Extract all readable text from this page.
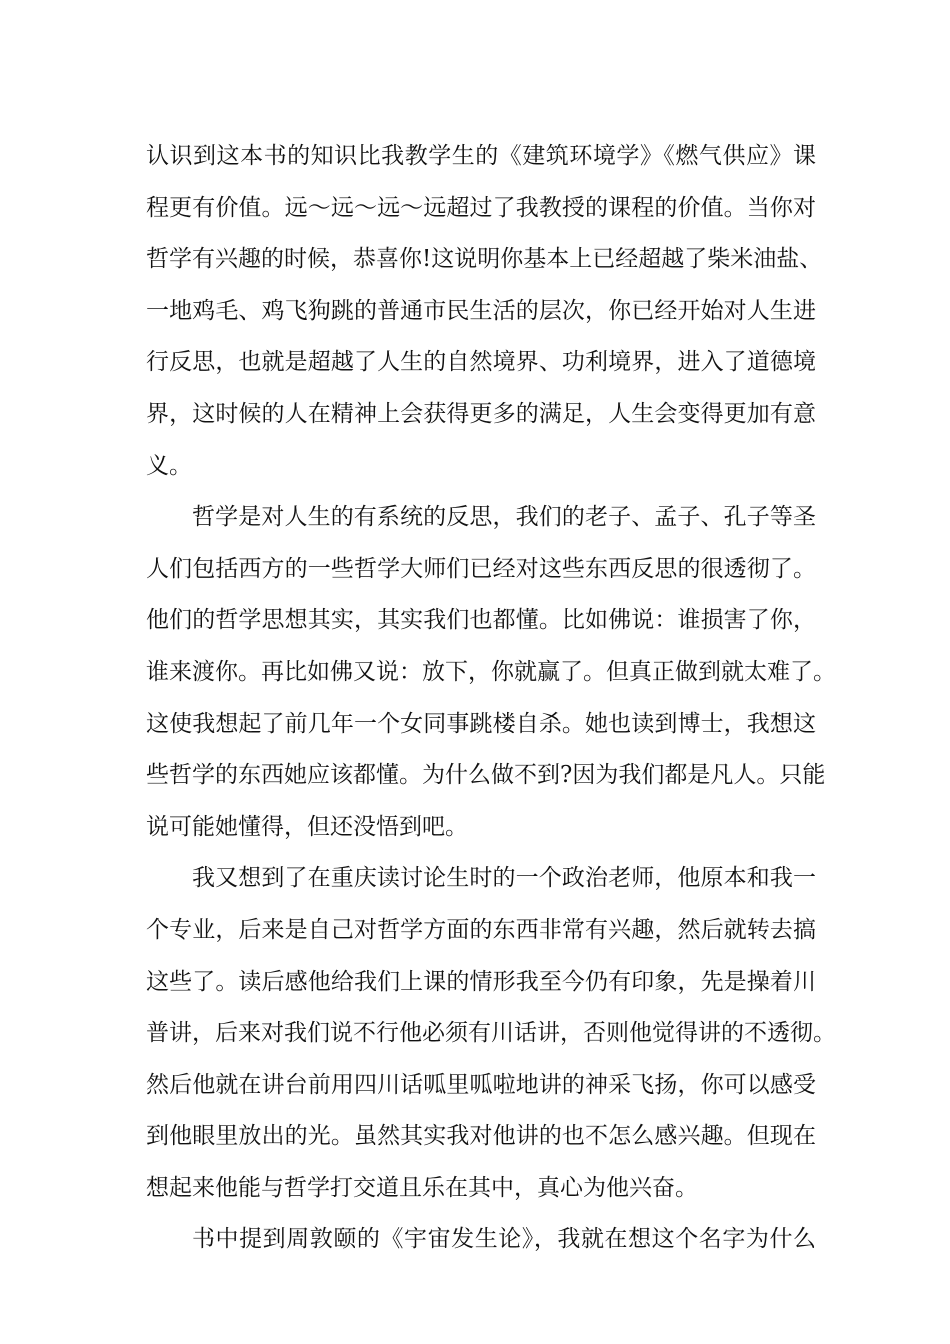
认识到这本书的知识比我教学生的《建筑环境学》《燃气供应》课

程更有价值。远～远～远～远超过了我教授的课程的价值。当你对

哲学有兴趣的时候，恭喜你!这说明你基本上已经超越了柴米油盐、

一地鸡毛、鸡飞狗跳的普通市民生活的层次，你已经开始对人生进

行反思，也就是超越了人生的自然境界、功利境界，进入了道德境

界，这时候的人在精神上会获得更多的满足，人生会变得更加有意

义。

哲学是对人生的有系统的反思，我们的老子、孟子、孔子等圣

人们包括西方的一些哲学大师们已经对这些东西反思的很透彻了。

他们的哲学思想其实，其实我们也都懂。比如佛说：谁损害了你，

谁来渡你。再比如佛又说：放下，你就赢了。但真正做到就太难了。

这使我想起了前几年一个女同事跳楼自杀。她也读到博士，我想这

些哲学的东西她应该都懂。为什么做不到?因为我们都是凡人。只能

说可能她懂得，但还没悟到吧。

我又想到了在重庆读讨论生时的一个政治老师，他原本和我一

个专业，后来是自己对哲学方面的东西非常有兴趣，然后就转去搞

这些了。读后感他给我们上课的情形我至今仍有印象，先是操着川

普讲，后来对我们说不行他必须有川话讲，否则他觉得讲的不透彻。

然后他就在讲台前用四川话呱里呱啦地讲的神采飞扬，你可以感受

到他眼里放出的光。虽然其实我对他讲的也不怎么感兴趣。但现在

想起来他能与哲学打交道且乐在其中，真心为他兴奋。

书中提到周敦颐的《宇宙发生论》，我就在想这个名字为什么
